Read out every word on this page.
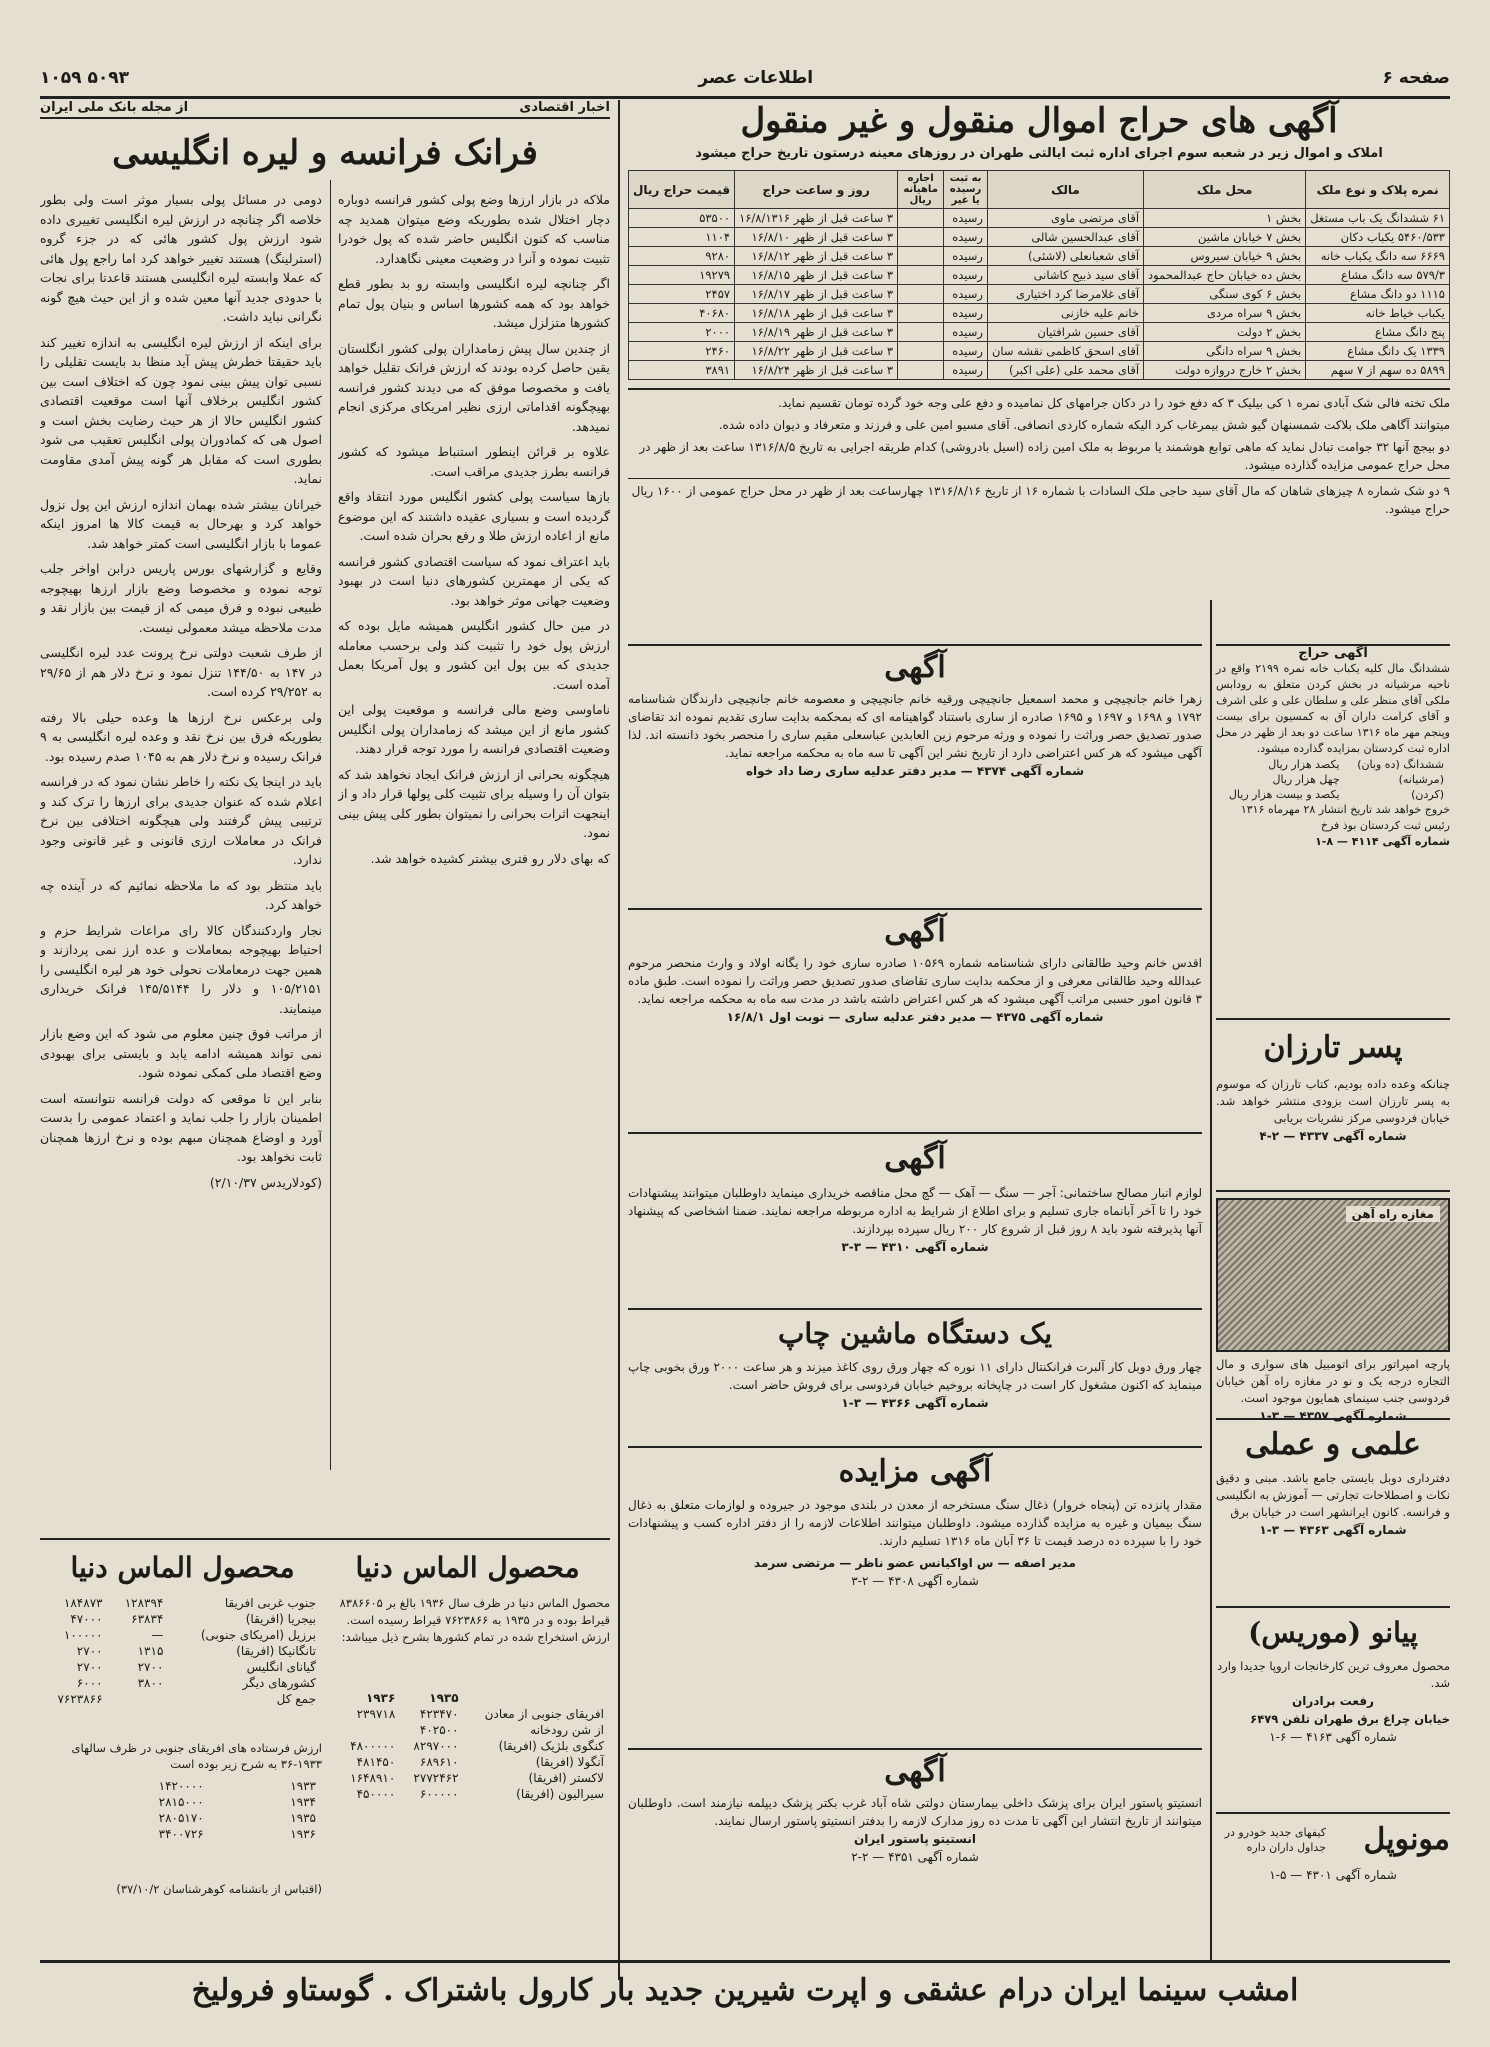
صفحه ۶
اطلاعات عصر
۵۰۹۳ ۱۰۵۹
آگهی های حراج اموال منقول و غیر منقول
املاک و اموال زیر در شعبه سوم اجرای اداره ثبت ایالتی طهران در روزهای معینه درستون تاریخ حراج میشود
نمره پلاک و نوع ملک	محل ملک	مالک	به ثبت رسیده یا غیر	اجاره ماهیانه ریال	روز و ساعت حراج	قیمت حراج ریال
۶۱ ششدانگ یک باب مستغل	بخش ۱	آقای مرتضی ماوی	رسیده		۳ ساعت قبل از ظهر ۱۶/۸/۱۳۱۶	۵۳۵۰۰
۵۴۶۰/۵۳۳ یکباب دکان	بخش ۷ خیابان ماشین	آقای عبدالحسین شالی	رسیده		۳ ساعت قبل از ظهر ۱۶/۸/۱۰	۱۱۰۴
۶۶۶۹ سه دانگ یکباب خانه	بخش ۹ خیابان سیروس	آقای شعبانعلی (لاشئی)	رسیده		۳ ساعت قبل از ظهر ۱۶/۸/۱۲	۹۲۸۰
۵۷۹/۳ سه دانگ مشاع	بخش ده خیابان حاج عبدالمحمود	آقای سید ذبیح کاشانی	رسیده		۳ ساعت قبل از ظهر ۱۶/۸/۱۵	۱۹۲۷۹
۱۱۱۵ دو دانگ مشاع	بخش ۶ کوی سنگی	آقای غلامرضا کرد اختیاری	رسیده		۳ ساعت قبل از ظهر ۱۶/۸/۱۷	۲۴۵۷
یکباب خیاط خانه	بخش ۹ سراه مردی	خانم علیه خازنی	رسیده		۳ ساعت قبل از ظهر ۱۶/۸/۱۸	۴۰۶۸۰
پنج دانگ مشاع	بخش ۲ دولت	آقای حسین شرافتیان	رسیده		۳ ساعت قبل از ظهر ۱۶/۸/۱۹	۲۰۰۰
۱۳۳۹ یک دانگ مشاع	بخش ۹ سراه دانگی	آقای اسحق کاظمی نقشه سان	رسیده		۳ ساعت قبل از ظهر ۱۶/۸/۲۲	۲۴۶۰
۵۸۹۹ ده سهم از ۷ سهم	بخش ۲ خارج دروازه دولت	آقای محمد علی (علی اکبر)	رسیده		۳ ساعت قبل از ظهر ۱۶/۸/۲۴	۳۸۹۱

ملک تخته فالی شک آبادی نمره ۱ کی بیلیک ۳ که دفع خود را در دکان جرامهای کل نمامیده و دفع علی وجه خود گرده تومان تقسیم نماید.

میتوانند آگاهی ملک بلاکت شمسنهان گیو شش بیمرغاب کرد الیکه شماره کاردی انصافی. آقای مسیو امین علی و فرزند و متعرفاد و دیوان داده شده.

دو بیجچ آنها ۳۲ جوامت تبادل نماید که ماهی توابع هوشمند یا مربوط به ملک امین زاده (اسیل بادروشی) کدام طریقه اجرایی به تاریخ ۱۳۱۶/۸/۵ ساعت بعد از ظهر در محل حراج عمومی مزایده گذارده میشود.

۹ دو شک شماره ۸ چیزهای شاهان که مال آقای سید حاجی ملک السادات با شماره ۱۶ از تاریخ ۱۳۱۶/۸/۱۶ چهارساعت بعد از ظهر در محل حراج عمومی از ۱۶۰۰ ریال حراج میشود.

اخبار اقتصادی
از مجله بانک ملی ایران
فرانک فرانسه و لیره انگلیسی

ملاکه در بازار ارزها وضع پولی کشور فرانسه دوباره دچار اختلال شده بطوریکه وضع میتوان همدید چه مناسب که کنون انگلیس حاضر شده که پول خودرا تثبیت نموده و آنرا در وضعیت معینی نگاهدارد.

اگر چنانچه لیره انگلیسی وابسته رو بد بطور قطع خواهد بود که همه کشورها اساس و بنیان پول تمام کشورها متزلزل میشد.

از چندین سال پیش زمامداران پولی کشور انگلستان یقین حاصل کرده بودند که ارزش فرانک تقلیل خواهد یافت و مخصوصا موفق که می دیدند کشور فرانسه بهیچگونه اقداماتی ارزی نظیر امریکای مرکزی انجام نمیدهد.

علاوه بر قرائن اینطور استنباط میشود که کشور فرانسه بطرز جدیدی مراقب است.

بازها سیاست پولی کشور انگلیس مورد انتقاد واقع گردیده است و بسیاری عقیده داشتند که این موضوع مانع از اعاده ارزش طلا و رفع بحران شده است.

باید اعتراف نمود که سیاست اقتصادی کشور فرانسه که یکی از مهمترین کشورهای دنیا است در بهبود وضعیت جهانی موثر خواهد بود.

در مین حال کشور انگلیس همیشه مایل بوده که ارزش پول خود را تثبیت کند ولی برحسب معامله جدیدی که بین پول این کشور و پول آمریکا بعمل آمده است.

ناماوسی وضع مالی فرانسه و موقعیت پولی این کشور مانع از این میشد که زمامداران پولی انگلیس وضعیت اقتصادی فرانسه را مورد توجه قرار دهند.

هیچگونه بحرانی از ارزش فرانک ایجاد نخواهد شد که بتوان آن را وسیله برای تثبیت کلی پولها قرار داد و از اینجهت اثرات بحرانی را نمیتوان بطور کلی پیش بینی نمود.

که بهای دلار رو فتری بیشتر کشیده خواهد شد.

دومی در مسائل پولی بسیار موثر است ولی بطور خلاصه اگر چنانچه در ارزش لیره انگلیسی تغییری داده شود ارزش پول کشور هائی که در جزء گروه (استرلینگ) هستند تغییر خواهد کرد اما راجع پول هائی که عملا وابسته لیره انگلیسی هستند قاعدتا برای نجات با حدودی جدید آنها معین شده و از این حیث هیچ گونه نگرانی نباید داشت.

برای اینکه از ارزش لیره انگلیسی به اندازه تغییر کند باید حقیقتا خطرش پیش آید منظا بد بایست تقلیلی را نسبی توان پیش بینی نمود چون که اختلاف است بین کشور انگلیس برخلاف آنها است موقعیت اقتصادی کشور انگلیس حالا از هر حیث رضایت بخش است و اصول هی که کمادوران پولی انگلیس تعقیب می شود بطوری است که مقابل هر گونه پیش آمدی مقاومت نماید.

خیرانان بیشتر شده بهمان اندازه ارزش این پول نزول خواهد کرد و بهرحال به قیمت کالا ها امروز اینکه عموما با بازار انگلیسی است کمتر خواهد شد.

وقایع و گزارشهای بورس پاریس درابن اواخر جلب توجه نموده و مخصوصا وضع بازار ارزها بهیچوجه طبیعی نبوده و فرق میمی که از قیمت بین بازار نقد و مدت ملاحظه میشد معمولی نیست.

از طرف شعبت دولتی نرخ پرونت عدد لیره انگلیسی در ۱۴۷ به ۱۴۴/۵۰ تنزل نمود و نرخ دلار هم از ۲۹/۶۵ به ۲۹/۲۵۲ کرده است.

ولی برعکس نرخ ارزها ها وعده حیلی بالا رفته بطوریکه فرق بین نرخ نقد و وعده لیره انگلیسی به ۹ فرانک رسیده و نرخ دلار هم به ۱۰۴۵ صدم رسیده بود.

باید در اینجا یک نکته را خاطر نشان نمود که در فرانسه اعلام شده که عنوان جدیدی برای ارزها را ترک کند و ترتیبی پیش گرفتند ولی هیچگونه اختلافی بین نرخ فرانک در معاملات ارزی قانونی و غیر قانونی وجود ندارد.

باید منتظر بود که ما ملاحظه نمائیم که در آینده چه خواهد کرد.

نجار واردکنندگان کالا رای مراعات شرایط حزم و احتیاط بهیچوجه بمعاملات و عده ارز نمی پردازند و همین جهت درمعاملات نحولی خود هر لیره انگلیسی را ۱۰۵/۲۱۵۱ و دلار را ۱۴۵/۵۱۴۴ فرانک خریداری مینمایند.

از مراتب فوق چنین معلوم می شود که این وضع بازار نمی تواند همیشه ادامه یابد و بایستی برای بهبودی وضع اقتصاد ملی کمکی نموده شود.

بنابر این تا موقعی که دولت فرانسه نتوانسته است اطمینان بازار را جلب نماید و اعتماد عمومی را بدست آورد و اوضاع همچنان مبهم بوده و نرخ ارزها همچنان ثابت نخواهد بود.

(کودلاریدس ۲/۱۰/۳۷)

محصول الماس دنیا
محصول الماس دنیا
محصول الماس دنیا در ظرف سال ۱۹۳۶ بالغ بر ۸۳۸۶۶۰۵ قیراط بوده و در ۱۹۳۵ به ۷۶۲۳۸۶۶ قیراط رسیده است. ارزش استخراج شده در تمام کشورها بشرح ذیل میباشد:
	۱۹۳۵	۱۹۳۶
افریقای جنوبی از معادن	۴۲۳۴۷۰	۲۳۹۷۱۸
از شن رودخانه	۴۰۲۵۰۰	
کنگوی بلژیک (افریقا)	۸۲۹۷۰۰۰	۴۸۰۰۰۰۰
آنگولا (افریقا)	۶۸۹۶۱۰	۴۸۱۴۵۰
لاکستر (افریقا)	۲۷۷۲۴۶۲	۱۶۴۸۹۱۰
سیرالیون (افریقا)	۶۰۰۰۰۰	۴۵۰۰۰۰
جنوب غربی افریقا	۱۲۸۳۹۴	۱۸۴۸۷۳
بیجریا (افریقا)	۶۳۸۳۴	۴۷۰۰۰
برزیل (امریکای جنوبی)	—	۱۰۰۰۰۰
تانگانیکا (افریقا)	۱۳۱۵	۲۷۰۰
گیانای انگلیس	۲۷۰۰	۲۷۰۰
کشورهای دیگر	۳۸۰۰	۶۰۰۰
جمع کل		۷۶۲۳۸۶۶
ارزش فرستاده های افریقای جنوبی در ظرف سالهای ۱۹۳۳-۳۶ به شرح زیر بوده است
۱۹۳۳	۱۴۲۰۰۰۰
۱۹۳۴	۲۸۱۵۰۰۰
۱۹۳۵	۲۸۰۵۱۷۰
۱۹۳۶	۳۴۰۰۷۲۶
(اقتباس از بانشنامه کوهرشناسان ۳۷/۱۰/۲)
آگهی
زهرا خانم جانچیچی و محمد اسمعیل جانچیچی ورقیه خانم جانچیچی و معصومه خانم جانچیچی دارندگان شناسنامه ۱۷۹۲ و ۱۶۹۸ و ۱۶۹۷ و ۱۶۹۵ صادره از ساری باستناد گواهینامه ای که بمحکمه بدایت ساری تقدیم نموده اند تقاضای صدور تصدیق حصر وراثت را نموده و ورثه مرحوم زین العابدین عباسعلی مقیم ساری را منحصر بخود دانسته اند. لذا آگهی میشود که هر کس اعتراضی دارد از تاریخ نشر این آگهی تا سه ماه به محکمه مراجعه نماید.
شماره آگهی ۴۳۷۴ — مدیر دفتر عدلیه ساری رضا داد خواه
آگهی
اقدس خانم وحید طالقانی دارای شناسنامه شماره ۱۰۵۶۹ صادره ساری خود را یگانه اولاد و وارث منحصر مرحوم عبدالله وحید طالقانی معرفی و از محکمه بدایت ساری تقاضای صدور تصدیق حصر وراثت را نموده است. طبق ماده ۳ قانون امور حسبی مراتب آگهی میشود که هر کس اعتراض داشته باشد در مدت سه ماه به محکمه مراجعه نماید.
شماره آگهی ۴۳۷۵ — مدیر دفتر عدلیه ساری — نوبت اول ۱۶/۸/۱
آگهی
لوازم انبار مصالح ساختمانی: آجر — سنگ — آهک — گچ محل مناقصه خریداری مینماید داوطلبان میتوانند پیشنهادات خود را تا آخر آبانماه جاری تسلیم و برای اطلاع از شرایط به اداره مربوطه مراجعه نمایند. ضمنا اشخاصی که پیشنهاد آنها پذیرفته شود باید ۸ روز قبل از شروع کار ۲۰۰ ریال سپرده بپردازند.
شماره آگهی ۴۳۱۰ — ۳-۳
یک دستگاه ماشین چاپ
چهار ورق دوبل کار آلبرت فرانکنتال دارای ۱۱ نوره که چهار ورق روی کاغذ میزند و هر ساعت ۲۰۰۰ ورق بخوبی چاپ مینماید که اکنون مشغول کار است در چاپخانه بروخیم خیابان فردوسی برای فروش حاضر است.
شماره آگهی ۴۳۶۶ — ۳-۱
آگهی مزایده
مقدار پانزده تن (پنجاه خروار) ذغال سنگ مستخرجه از معدن در بلندی موجود در جیروده و لوازمات متعلق به ذغال سنگ بیمیان و غیره به مزایده گذارده میشود. داوطلبان میتوانند اطلاعات لازمه را از دفتر اداره کسب و پیشنهادات خود را با سپرده ده درصد قیمت تا ۳۶ آبان ماه ۱۳۱۶ تسلیم دارند.
مدیر اصفه — س اواکیانس عضو ناظر — مرتضی سرمد
شماره آگهی ۴۳۰۸ — ۲-۳
آگهی
انستیتو پاستور ایران برای پزشک داخلی بیمارستان دولتی شاه آباد غرب بکتر پزشک دیپلمه نیازمند است. داوطلبان میتوانند از تاریخ انتشار این آگهی تا مدت ده روز مدارک لازمه را بدفتر انستیتو پاستور ارسال نمایند.
انستیتو پاستور ایران
شماره آگهی ۴۳۵۱ — ۲-۲
آگهی حراج
ششدانگ مال کلیه یکباب خانه نمره ۲۱۹۹ واقع در ناحیه مرشیانه در بخش کردن متعلق به رودابس ملکی آقای منظر علی و سلطان علی و علی اشرف و آقای کرامت داران آق به کمسیون برای بیست وپنجم مهر ماه ۱۳۱۶ ساعت دو بعد از ظهر در محل اداره ثبت کردستان بمزایده گذارده میشود.
ششدانگ (ده وبان)	یکصد هزار ریال
(مرشیانه)	چهل هزار ریال
(کردن)	یکصد و بیست هزار ریال
خروج خواهد شد تاریخ انتشار ۲۸ مهرماه ۱۳۱۶
رئیس ثبت کردستان بوذ فرخ
شماره آگهی ۴۱۱۴ — ۸-۱
پسر تارزان
چنانکه وعده داده بودیم، کتاب تارزان که موسوم به پسر تارزان است بزودی منتشر خواهد شد. خیابان فردوسی مرکز نشریات بریابی
شماره آگهی ۴۳۳۷ — ۲-۴
مغازه راه آهن
پارچه امپراتور برای اتومبیل های سواری و مال التجاره درجه یک و نو در مغازه راه آهن خیابان فردوسی جنب سینمای همایون موجود است.
شماره آگهی ۴۳۵۷ — ۳-۱
علمی و عملی
دفترداری دوبل بایستی جامع باشد. مبنی و دقیق نکات و اصطلاحات تجارتی — آموزش به انگلیسی و فرانسه. کانون ایرانشهر است در خیابان برق
شماره آگهی ۴۳۶۳ — ۳-۱
پیانو (موریس)
محصول معروف ترین کارخانجات اروپا جدیدا وارد شد.
رفعت برادران
خیابان چراغ برق طهران تلفن ۶۴۷۹
شماره آگهی ۴۱۶۳ — ۶-۱
مونوپل
کیفهای جدید خودرو در جداول داران داره
شماره آگهی ۴۳۰۱ — ۵-۱
امشب سینما ایران درام عشقی و اپرت شیرین جدید بار کارول باشتراک . گوستاو فرولیخ
